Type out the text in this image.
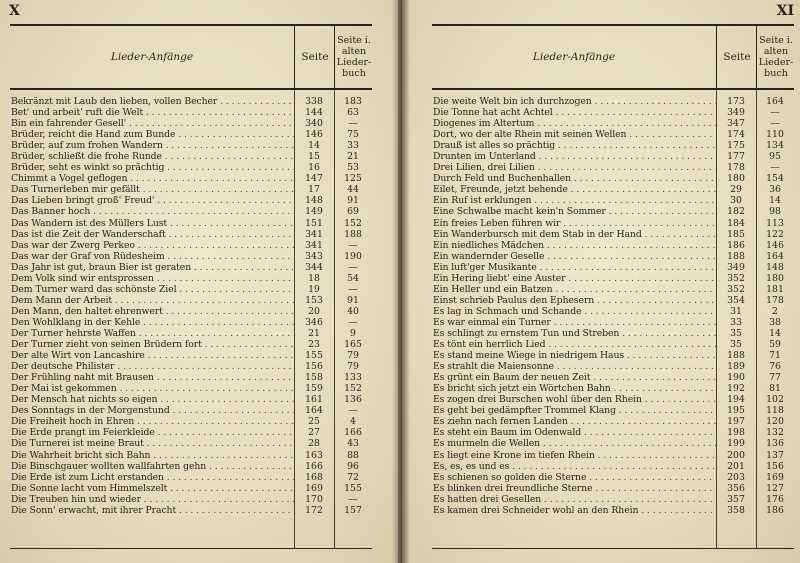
X
Lieder-Anfänge	Seite
Seite i. alten Lieder-buch
Bekränzt mit Laub den lieben, vollen Becher . . .	338	183
Bet' und arbeit' ruft die Welt . . .	144	63
Bin ein fahrender Gesell' . . .	340	—
Brüder, reicht die Hand zum Bunde . . .	146	75
Brüder, auf zum frohen Wandern . . .	14	33
Brüder, schließt die frohe Runde . . .	15	21
Brüder, seht es winkt so prächtig . . .	16	53
Chimmt a Vogel geflogen . . .	147	125
Das Turnerleben mir gefällt . . .	17	44
Das Lieben bringt groß' Freud' . . .	148	91
Das Banner hoch . . .	149	69
Das Wandern ist des Müllers Lust . . .	151	152
Das ist die Zeit der Wanderschaft . . .	341	188
Das war der Zwerg Perkeo . . .	341	—
Das war der Graf von Rüdesheim . . .	343	190
Das Jahr ist gut, braun Bier ist geraten . . .	344	—
Dem Volk sind wir entsprossen . . .	18	54
Dem Turner ward das schönste Ziel . . .	19	—
Dem Mann der Arbeit . . .	153	91
Den Mann, den haltet ehrenwert . . .	20	40
Den Wohlklang in der Kehle . . .	346	—
Der Turner hehrste Waffen . . .	21	9
Der Turner zieht von seinen Brüdern fort . . .	23	165
Der alte Wirt von Lancashire . . .	155	79
Der deutsche Philister . . .	156	79
Der Frühling naht mit Brausen . . .	158	133
Der Mai ist gekommen . . .	159	152
Der Mensch hat nichts so eigen . . .	161	136
Des Sonntags in der Morgenstund . . .	164	—
Die Freiheit hoch in Ehren . . .	25	4
Die Erde prangt im Feierkleide . . .	27	166
Die Turnerei ist meine Braut . . .	28	43
Die Wahrheit bricht sich Bahn . . .	163	88
Die Binschgauer wollten wallfahrten gehn . . .	166	96
Die Erde ist zum Licht erstanden . . .	168	72
Die Sonne lacht vom Himmelszelt . . .	169	155
Die Treuben hin und wieder . . .	170	—
Die Sonn' erwacht, mit ihrer Pracht . . .	172	157
XI
Lieder-Anfänge	Seite
Seite i. alten Lieder-buch
Die weite Welt bin ich durchzogen . . .	173	164
Die Tonne hat acht Achtel . . .	349	—
Diogenes im Altertum . . .	347	—
Dort, wo der alte Rhein mit seinen Wellen . . .	174	110
Drauß ist alles so prächtig . . .	175	134
Drunten im Unterland . . .	177	95
Drei Lilien, drei Lilien . . .	178	—
Durch Feld und Buchenhallen . . .	180	154
Eilet, Freunde, jetzt behende . . .	29	36
Ein Ruf ist erklungen . . .	30	14
Eine Schwalbe macht kein'n Sommer . . .	182	98
Ein freies Leben führen wir . . .	184	113
Ein Wanderbursch mit dem Stab in der Hand . . .	185	122
Ein niedliches Mädchen . . .	186	146
Ein wandernder Geselle . . .	188	164
Ein luft'ger Musikante . . .	349	148
Ein Hering liebt' eine Auster . . .	352	180
Ein Heller und ein Batzen . . .	352	181
Einst schrieb Paulus den Ephesern . . .	354	178
Es lag in Schmach und Schande . . .	31	2
Es war einmal ein Turner . . .	33	38
Es schlingt zu ernstem Tun und Streben . . .	35	14
Es tönt ein herrlich Lied . . .	35	59
Es stand meine Wiege in niedrigem Haus . . .	188	71
Es strahlt die Maiensonne . . .	189	76
Es grünt ein Baum der neuen Zeit . . .	190	77
Es bricht sich jetzt ein Wörtchen Bahn . . .	192	81
Es zogen drei Burschen wohl über den Rhein . . .	194	102
Es geht bei gedämpfter Trommel Klang . . .	195	118
Es ziehn nach fernen Landen . . .	197	120
Es steht ein Baum im Odenwald . . .	198	132
Es murmeln die Wellen . . .	199	136
Es liegt eine Krone im tiefen Rhein . . .	200	137
Es, es, es und es . . .	201	156
Es schienen so golden die Sterne . . .	203	169
Es blinken drei freundliche Sterne . . .	356	127
Es hatten drei Gesellen . . .	357	176
Es kamen drei Schneider wohl an den Rhein . . .	358	186
